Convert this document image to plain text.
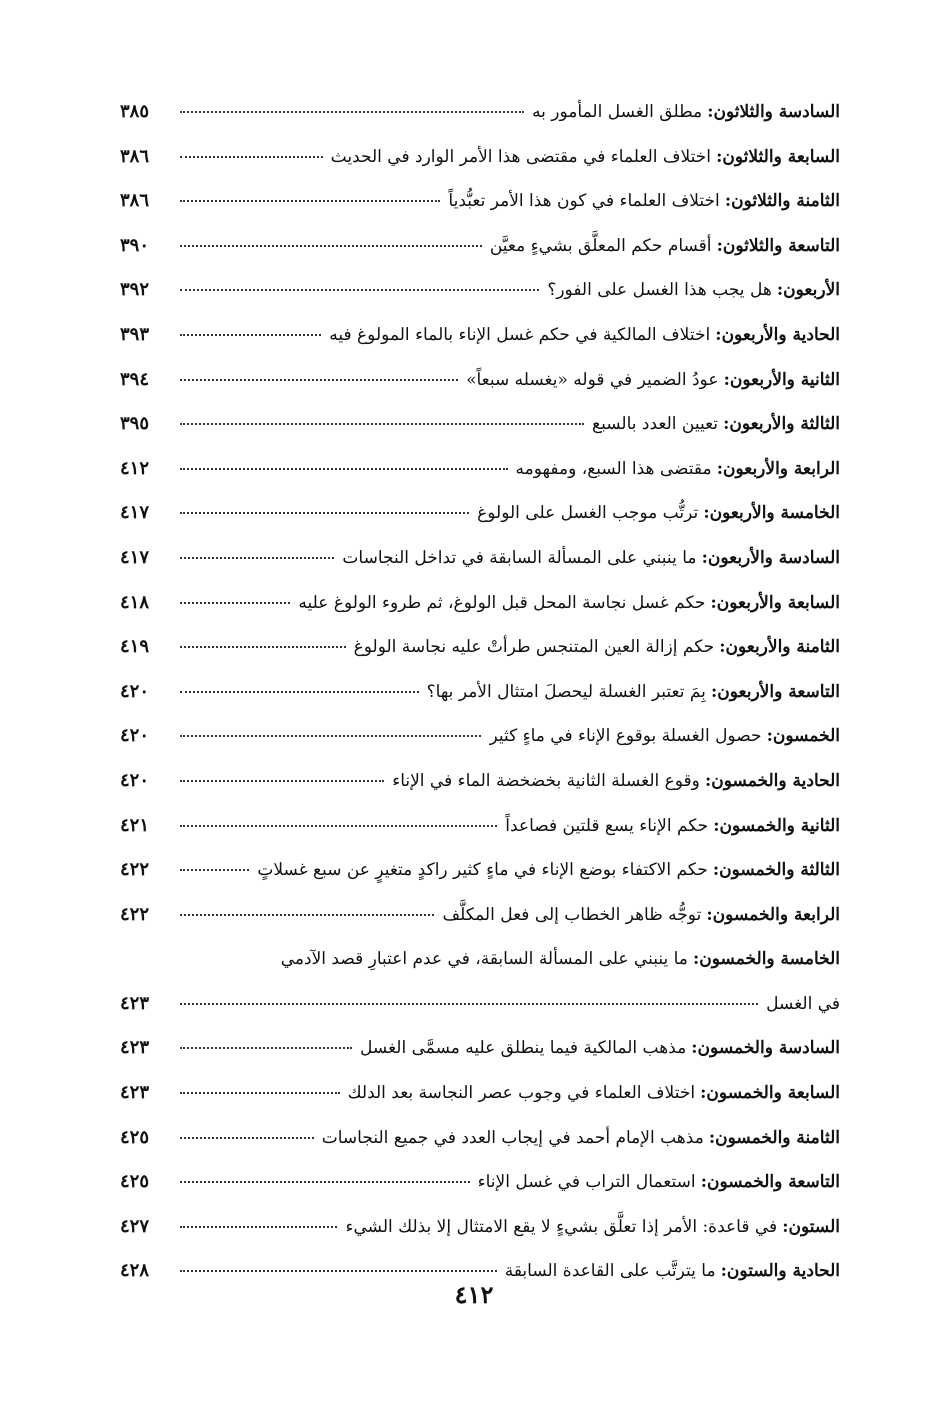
السادسة والثلاثون:

مطلق الغسل المأمور به
٣٨٥
السابعة والثلاثون:

اختلاف العلماء في مقتضى هذا الأمر الوارد في الحديث
٣٨٦
الثامنة والثلاثون:

اختلاف العلماء في كون هذا الأمر تعبُّدياً
٣٨٦
التاسعة والثلاثون:

أقسام حكم المعلَّق بشيءٍ معيَّن
٣٩٠
الأربعون:

هل يجب هذا الغسل على الفور؟
٣٩٢
الحادية والأربعون:

اختلاف المالكية في حكم غسل الإناء بالماء المولوغ فيه
٣٩٣
الثانية والأربعون:

عودُ الضمير في قوله «يغسله سبعاً»
٣٩٤
الثالثة والأربعون:

تعيين العدد بالسبع
٣٩٥
الرابعة والأربعون:

مقتضى هذا السبع، ومفهومه
٤١٢
الخامسة والأربعون:

ترتُّب موجب الغسل على الولوغ
٤١٧
السادسة والأربعون:

ما ينبني على المسألة السابقة في تداخل النجاسات
٤١٧
السابعة والأربعون:

حكم غسل نجاسة المحل قبل الولوغ، ثم طروء الولوغ عليه
٤١٨
الثامنة والأربعون:

حكم إزالة العين المتنجس طرأتْ عليه نجاسة الولوغ
٤١٩
التاسعة والأربعون:

بِمَ تعتبر الغسلة ليحصلَ امتثال الأمر بها؟
٤٢٠
الخمسون:

حصول الغسلة بوقوع الإناء في ماءٍ كثير
٤٢٠
الحادية والخمسون:

وقوع الغسلة الثانية بخضخضة الماء في الإناء
٤٢٠
الثانية والخمسون:

حكم الإناء يسع قلتين فصاعداً
٤٢١
الثالثة والخمسون:

حكم الاكتفاء بوضع الإناء في ماءٍ كثير راكدٍ متغيرٍ عن سبع غسلاتٍ
٤٢٢
الرابعة والخمسون:

توجُّه ظاهر الخطاب إلى فعل المكلَّف
٤٢٢
الخامسة والخمسون:

ما ينبني على المسألة السابقة، في عدم اعتبارِ قصد الآدمي
في الغسل
٤٢٣
السادسة والخمسون:

مذهب المالكية فيما ينطلق عليه مسمَّى الغسل
٤٢٣
السابعة والخمسون:

اختلاف العلماء في وجوب عصر النجاسة بعد الدلك
٤٢٣
الثامنة والخمسون:

مذهب الإمام أحمد في إيجاب العدد في جميع النجاسات
٤٢٥
التاسعة والخمسون:

استعمال التراب في غسل الإناء
٤٢٥
الستون:

في قاعدة: الأمر إذا تعلَّق بشيءٍ لا يقع الامتثال إلا بذلك الشيء
٤٢٧
الحادية والستون:

ما يترتَّب على القاعدة السابقة
٤٢٨
٤١٢
